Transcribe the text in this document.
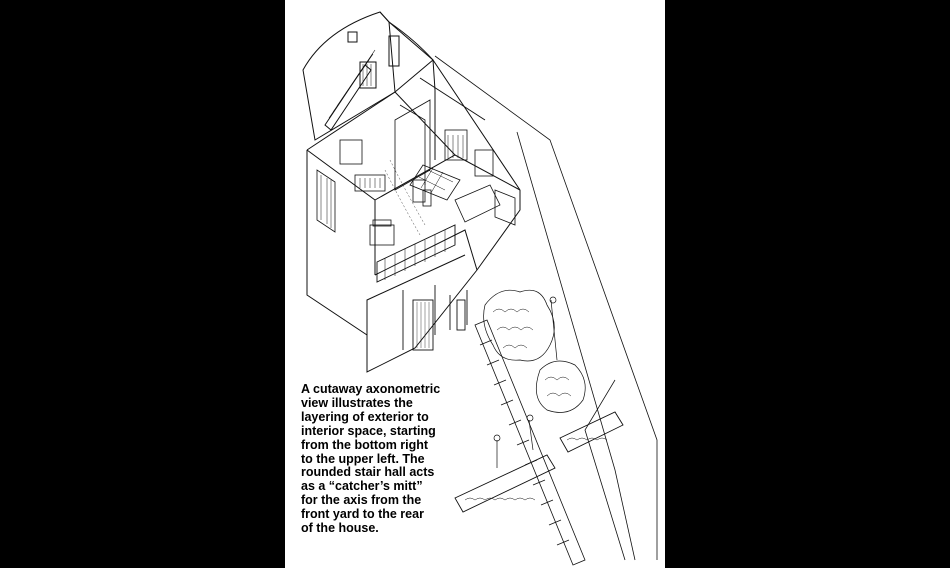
A cutaway axonometric
view illustrates the
layering of exterior to
interior space, starting
from the bottom right
to the upper left. The
rounded stair hall acts
as a “catcher’s mitt”
for the axis from the
front yard to the rear
of the house.
